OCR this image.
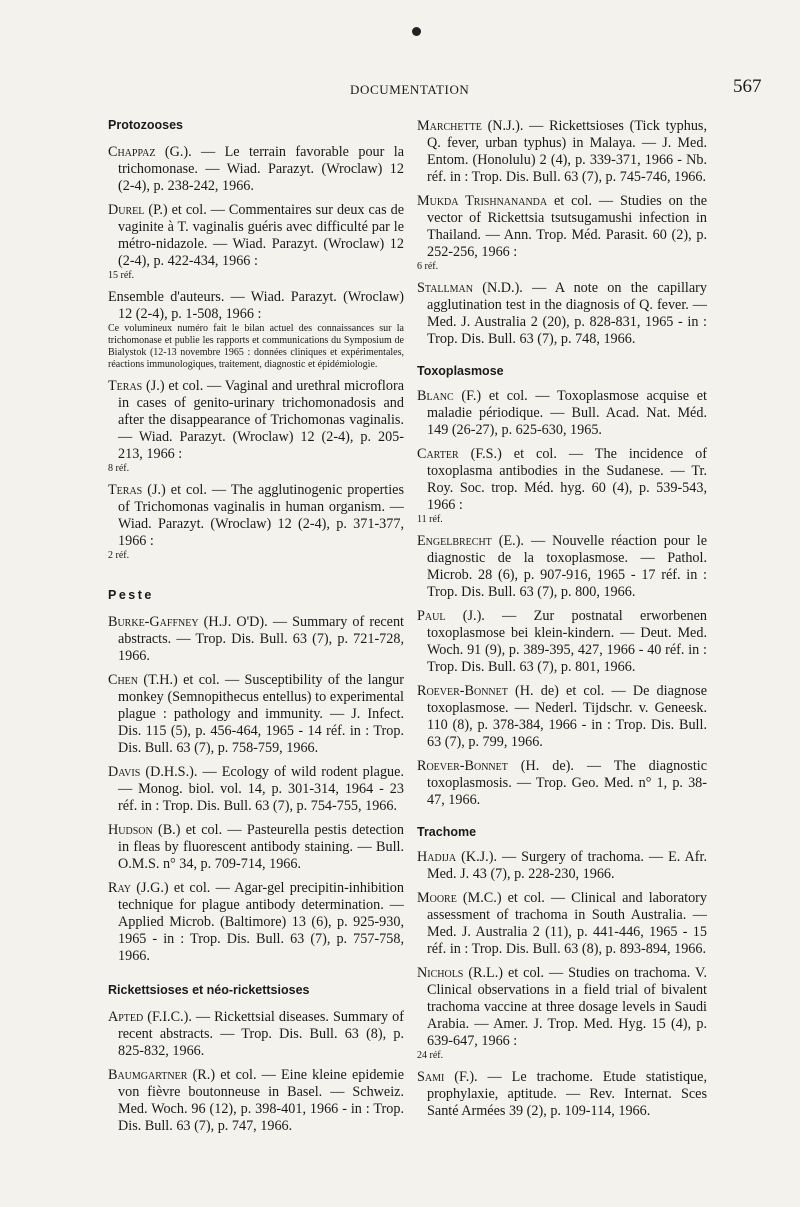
DOCUMENTATION	567
Protozooses
Chappaz (G.). — Le terrain favorable pour la trichomonase. — Wiad. Parazyt. (Wroclaw) 12 (2-4), p. 238-242, 1966.
Durel (P.) et col. — Commentaires sur deux cas de vaginite à T. vaginalis guéris avec difficulté par le métro-nidazole. — Wiad. Parazyt. (Wroclaw) 12 (2-4), p. 422-434, 1966 :
15 réf.
Ensemble d'auteurs. — Wiad. Parazyt. (Wroclaw) 12 (2-4), p. 1-508, 1966 :
Ce volumineux numéro fait le bilan actuel des connaissances sur la trichomonase et publie les rapports et communications du Symposium de Bialystok (12-13 novembre 1965 : données cliniques et expérimentales, réactions immunologiques, traitement, diagnostic et épidémiologie.
Teras (J.) et col. — Vaginal and urethral microflora in cases of genito-urinary trichomonadosis and after the disappearance of Trichomonas vaginalis. — Wiad. Parazyt. (Wroclaw) 12 (2-4), p. 205-213, 1966 :
8 réf.
Teras (J.) et col. — The agglutinogenic properties of Trichomonas vaginalis in human organism. — Wiad. Parazyt. (Wroclaw) 12 (2-4), p. 371-377, 1966 :
2 réf.
Peste
Burke-Gaffney (H.J. O'D). — Summary of recent abstracts. — Trop. Dis. Bull. 63 (7), p. 721-728, 1966.
Chen (T.H.) et col. — Susceptibility of the langur monkey (Semnopithecus entellus) to experimental plague : pathology and immunity. — J. Infect. Dis. 115 (5), p. 456-464, 1965 - 14 réf. in : Trop. Dis. Bull. 63 (7), p. 758-759, 1966.
Davis (D.H.S.). — Ecology of wild rodent plague. — Monog. biol. vol. 14, p. 301-314, 1964 - 23 réf. in : Trop. Dis. Bull. 63 (7), p. 754-755, 1966.
Hudson (B.) et col. — Pasteurella pestis detection in fleas by fluorescent antibody staining. — Bull. O.M.S. n° 34, p. 709-714, 1966.
Ray (J.G.) et col. — Agar-gel precipitin-inhibition technique for plague antibody determination. — Applied Microb. (Baltimore) 13 (6), p. 925-930, 1965 - in : Trop. Dis. Bull. 63 (7), p. 757-758, 1966.
Rickettsioses et néo-rickettsioses
Apted (F.I.C.). — Rickettsial diseases. Summary of recent abstracts. — Trop. Dis. Bull. 63 (8), p. 825-832, 1966.
Baumgartner (R.) et col. — Eine kleine epidemie von fièvre boutonneuse in Basel. — Schweiz. Med. Woch. 96 (12), p. 398-401, 1966 - in : Trop. Dis. Bull. 63 (7), p. 747, 1966.
Marchette (N.J.). — Rickettsioses (Tick typhus, Q. fever, urban typhus) in Malaya. — J. Med. Entom. (Honolulu) 2 (4), p. 339-371, 1966 - Nb. réf. in : Trop. Dis. Bull. 63 (7), p. 745-746, 1966.
Mukda Trishnananda et col. — Studies on the vector of Rickettsia tsutsugamushi infection in Thailand. — Ann. Trop. Méd. Parasit. 60 (2), p. 252-256, 1966 :
6 réf.
Stallman (N.D.). — A note on the capillary agglutination test in the diagnosis of Q. fever. — Med. J. Australia 2 (20), p. 828-831, 1965 - in : Trop. Dis. Bull. 63 (7), p. 748, 1966.
Toxoplasmose
Blanc (F.) et col. — Toxoplasmose acquise et maladie périodique. — Bull. Acad. Nat. Méd. 149 (26-27), p. 625-630, 1965.
Carter (F.S.) et col. — The incidence of toxoplasma antibodies in the Sudanese. — Tr. Roy. Soc. trop. Méd. hyg. 60 (4), p. 539-543, 1966 :
11 réf.
Engelbrecht (E.). — Nouvelle réaction pour le diagnostic de la toxoplasmose. — Pathol. Microb. 28 (6), p. 907-916, 1965 - 17 réf. in : Trop. Dis. Bull. 63 (7), p. 800, 1966.
Paul (J.). — Zur postnatal erworbenen toxoplasmose bei klein-kindern. — Deut. Med. Woch. 91 (9), p. 389-395, 427, 1966 - 40 réf. in : Trop. Dis. Bull. 63 (7), p. 801, 1966.
Roever-Bonnet (H. de) et col. — De diagnose toxoplasmose. — Nederl. Tijdschr. v. Geneesk. 110 (8), p. 378-384, 1966 - in : Trop. Dis. Bull. 63 (7), p. 799, 1966.
Roever-Bonnet (H. de). — The diagnostic toxoplasmosis. — Trop. Geo. Med. n° 1, p. 38-47, 1966.
Trachome
Hadija (K.J.). — Surgery of trachoma. — E. Afr. Med. J. 43 (7), p. 228-230, 1966.
Moore (M.C.) et col. — Clinical and laboratory assessment of trachoma in South Australia. — Med. J. Australia 2 (11), p. 441-446, 1965 - 15 réf. in : Trop. Dis. Bull. 63 (8), p. 893-894, 1966.
Nichols (R.L.) et col. — Studies on trachoma. V. Clinical observations in a field trial of bivalent trachoma vaccine at three dosage levels in Saudi Arabia. — Amer. J. Trop. Med. Hyg. 15 (4), p. 639-647, 1966 :
24 réf.
Sami (F.). — Le trachome. Etude statistique, prophylaxie, aptitude. — Rev. Internat. Sces Santé Armées 39 (2), p. 109-114, 1966.
